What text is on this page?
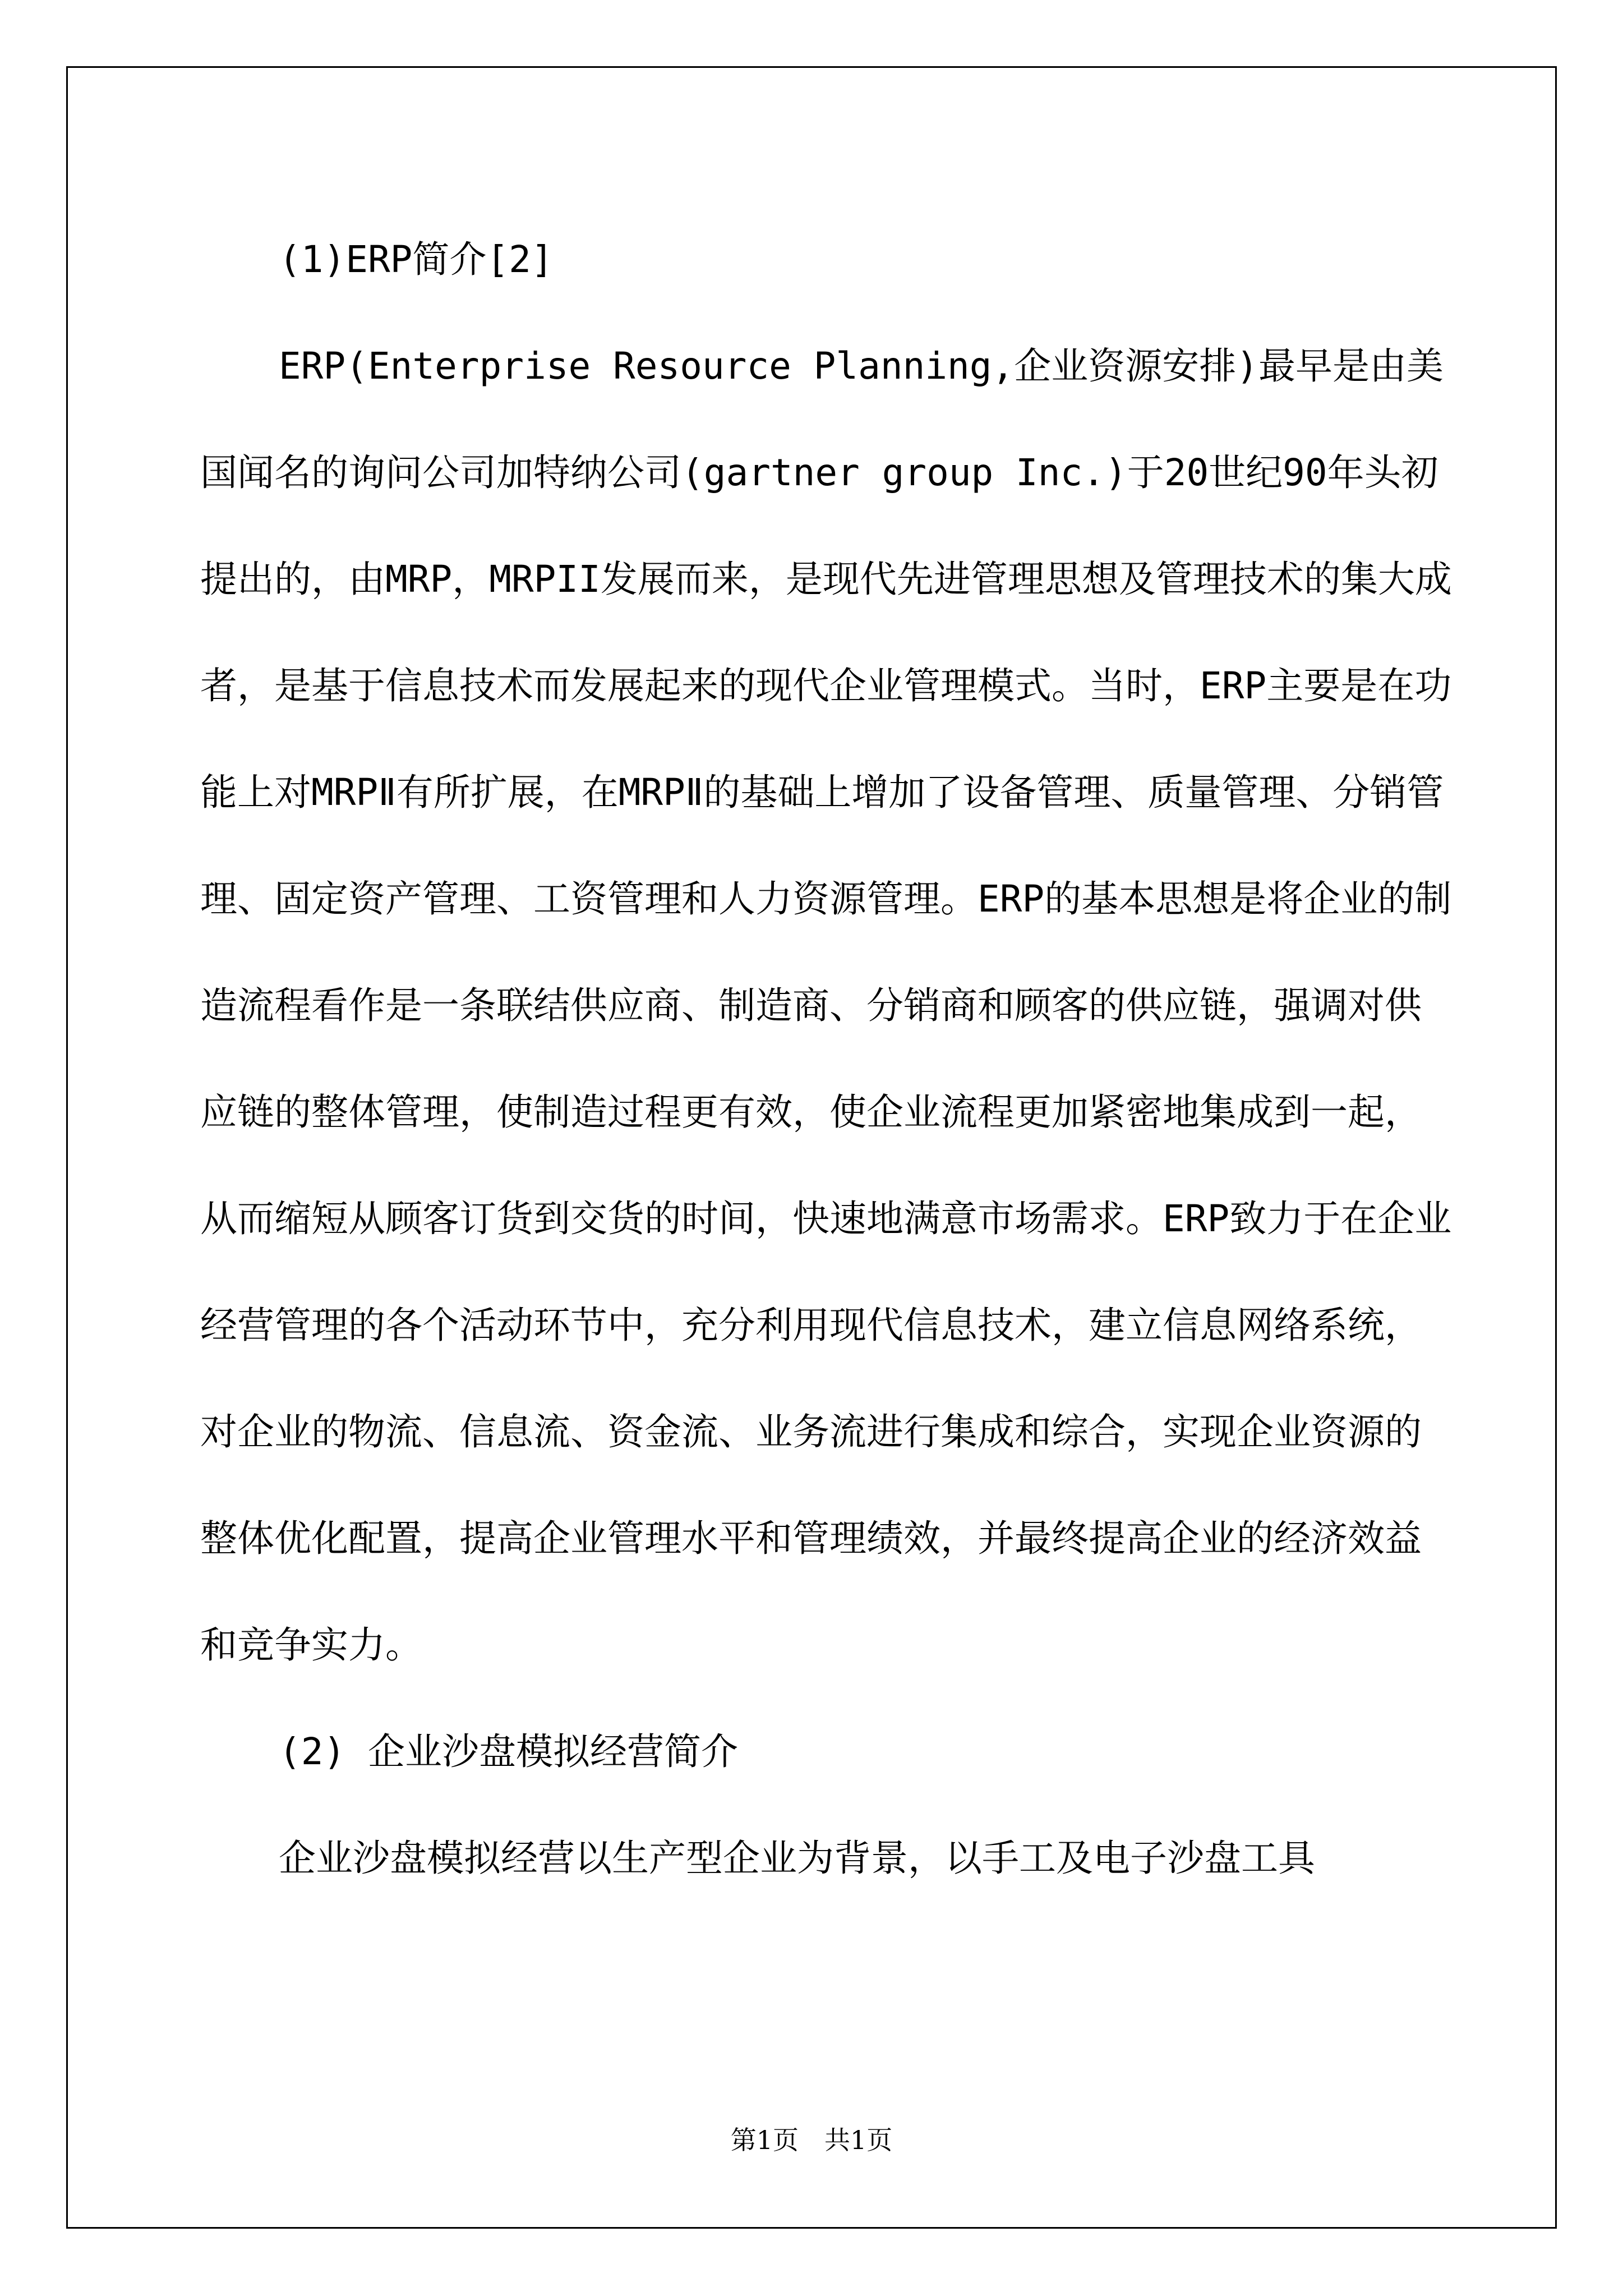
(1)ERP简介[2]

ERP(Enterprise Resource Planning,企业资源安排)最早是由美国闻名的询问公司加特纳公司(gartner group Inc.)于20世纪90年头初提出的，由MRP，MRPII发展而来，是现代先进管理思想及管理技术的集大成者，是基于信息技术而发展起来的现代企业管理模式。当时，ERP主要是在功能上对MRPⅡ有所扩展，在MRPⅡ的基础上增加了设备管理、质量管理、分销管理、固定资产管理、工资管理和人力资源管理。ERP的基本思想是将企业的制造流程看作是一条联结供应商、制造商、分销商和顾客的供应链，强调对供应链的整体管理，使制造过程更有效，使企业流程更加紧密地集成到一起，从而缩短从顾客订货到交货的时间，快速地满意市场需求。ERP致力于在企业经营管理的各个活动环节中，充分利用现代信息技术，建立信息网络系统，对企业的物流、信息流、资金流、业务流进行集成和综合，实现企业资源的整体优化配置，提高企业管理水平和管理绩效，并最终提高企业的经济效益和竞争实力。

(2) 企业沙盘模拟经营简介

企业沙盘模拟经营以生产型企业为背景，以手工及电子沙盘工具

第1页　共1页
